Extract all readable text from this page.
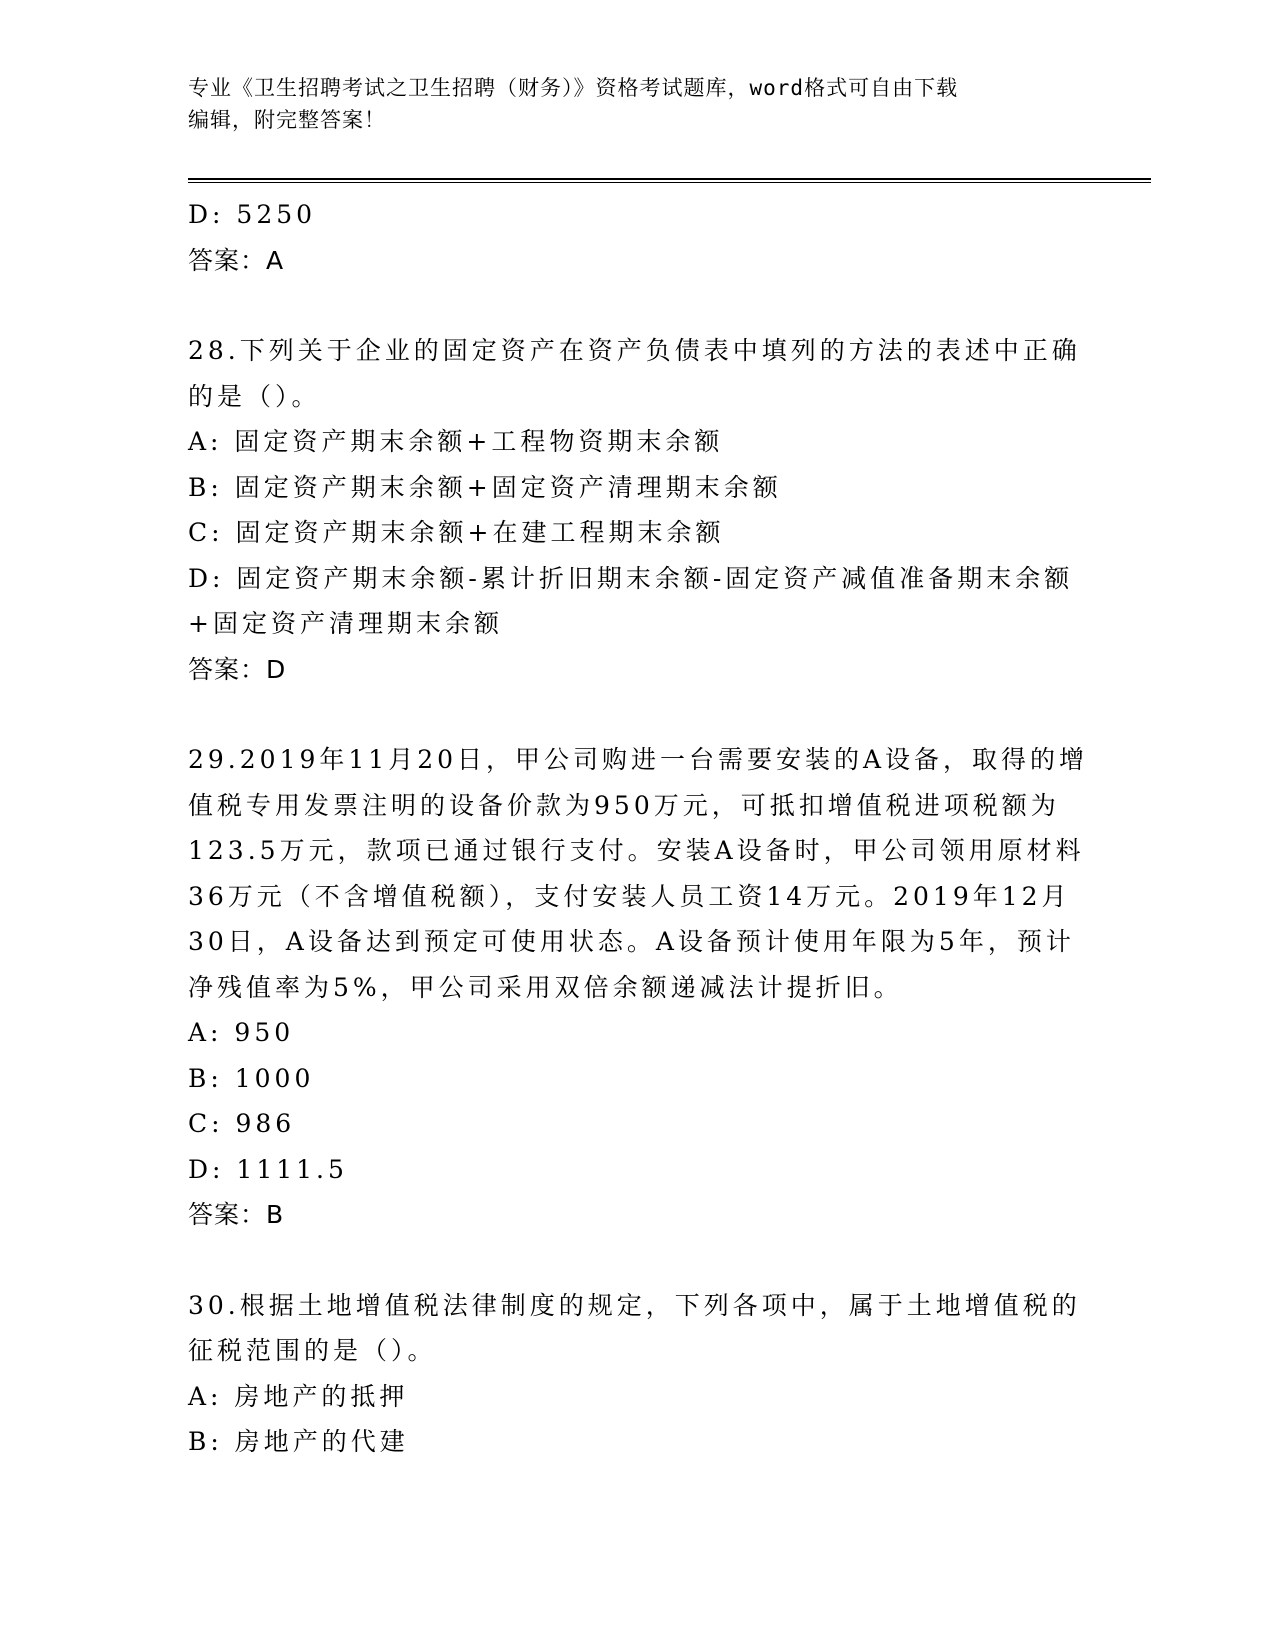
专业《卫生招聘考试之卫生招聘（财务）》资格考试题库，word格式可自由下载
编辑，附完整答案！
D: 5250
答案：A
28.下列关于企业的固定资产在资产负债表中填列的方法的表述中正确
的是（）。
A: 固定资产期末余额+工程物资期末余额
B: 固定资产期末余额+固定资产清理期末余额
C: 固定资产期末余额+在建工程期末余额
D: 固定资产期末余额-累计折旧期末余额-固定资产减值准备期末余额
+固定资产清理期末余额
答案：D
29.2019年11月20日，甲公司购进一台需要安装的A设备，取得的增
值税专用发票注明的设备价款为950万元，可抵扣增值税进项税额为
123.5万元，款项已通过银行支付。安装A设备时，甲公司领用原材料
36万元（不含增值税额），支付安装人员工资14万元。2019年12月
30日，A设备达到预定可使用状态。A设备预计使用年限为5年，预计
净残值率为5%，甲公司采用双倍余额递减法计提折旧。
A: 950
B: 1000
C: 986
D: 1111.5
答案：B
30.根据土地增值税法律制度的规定，下列各项中，属于土地增值税的
征税范围的是（）。
A: 房地产的抵押
B: 房地产的代建
